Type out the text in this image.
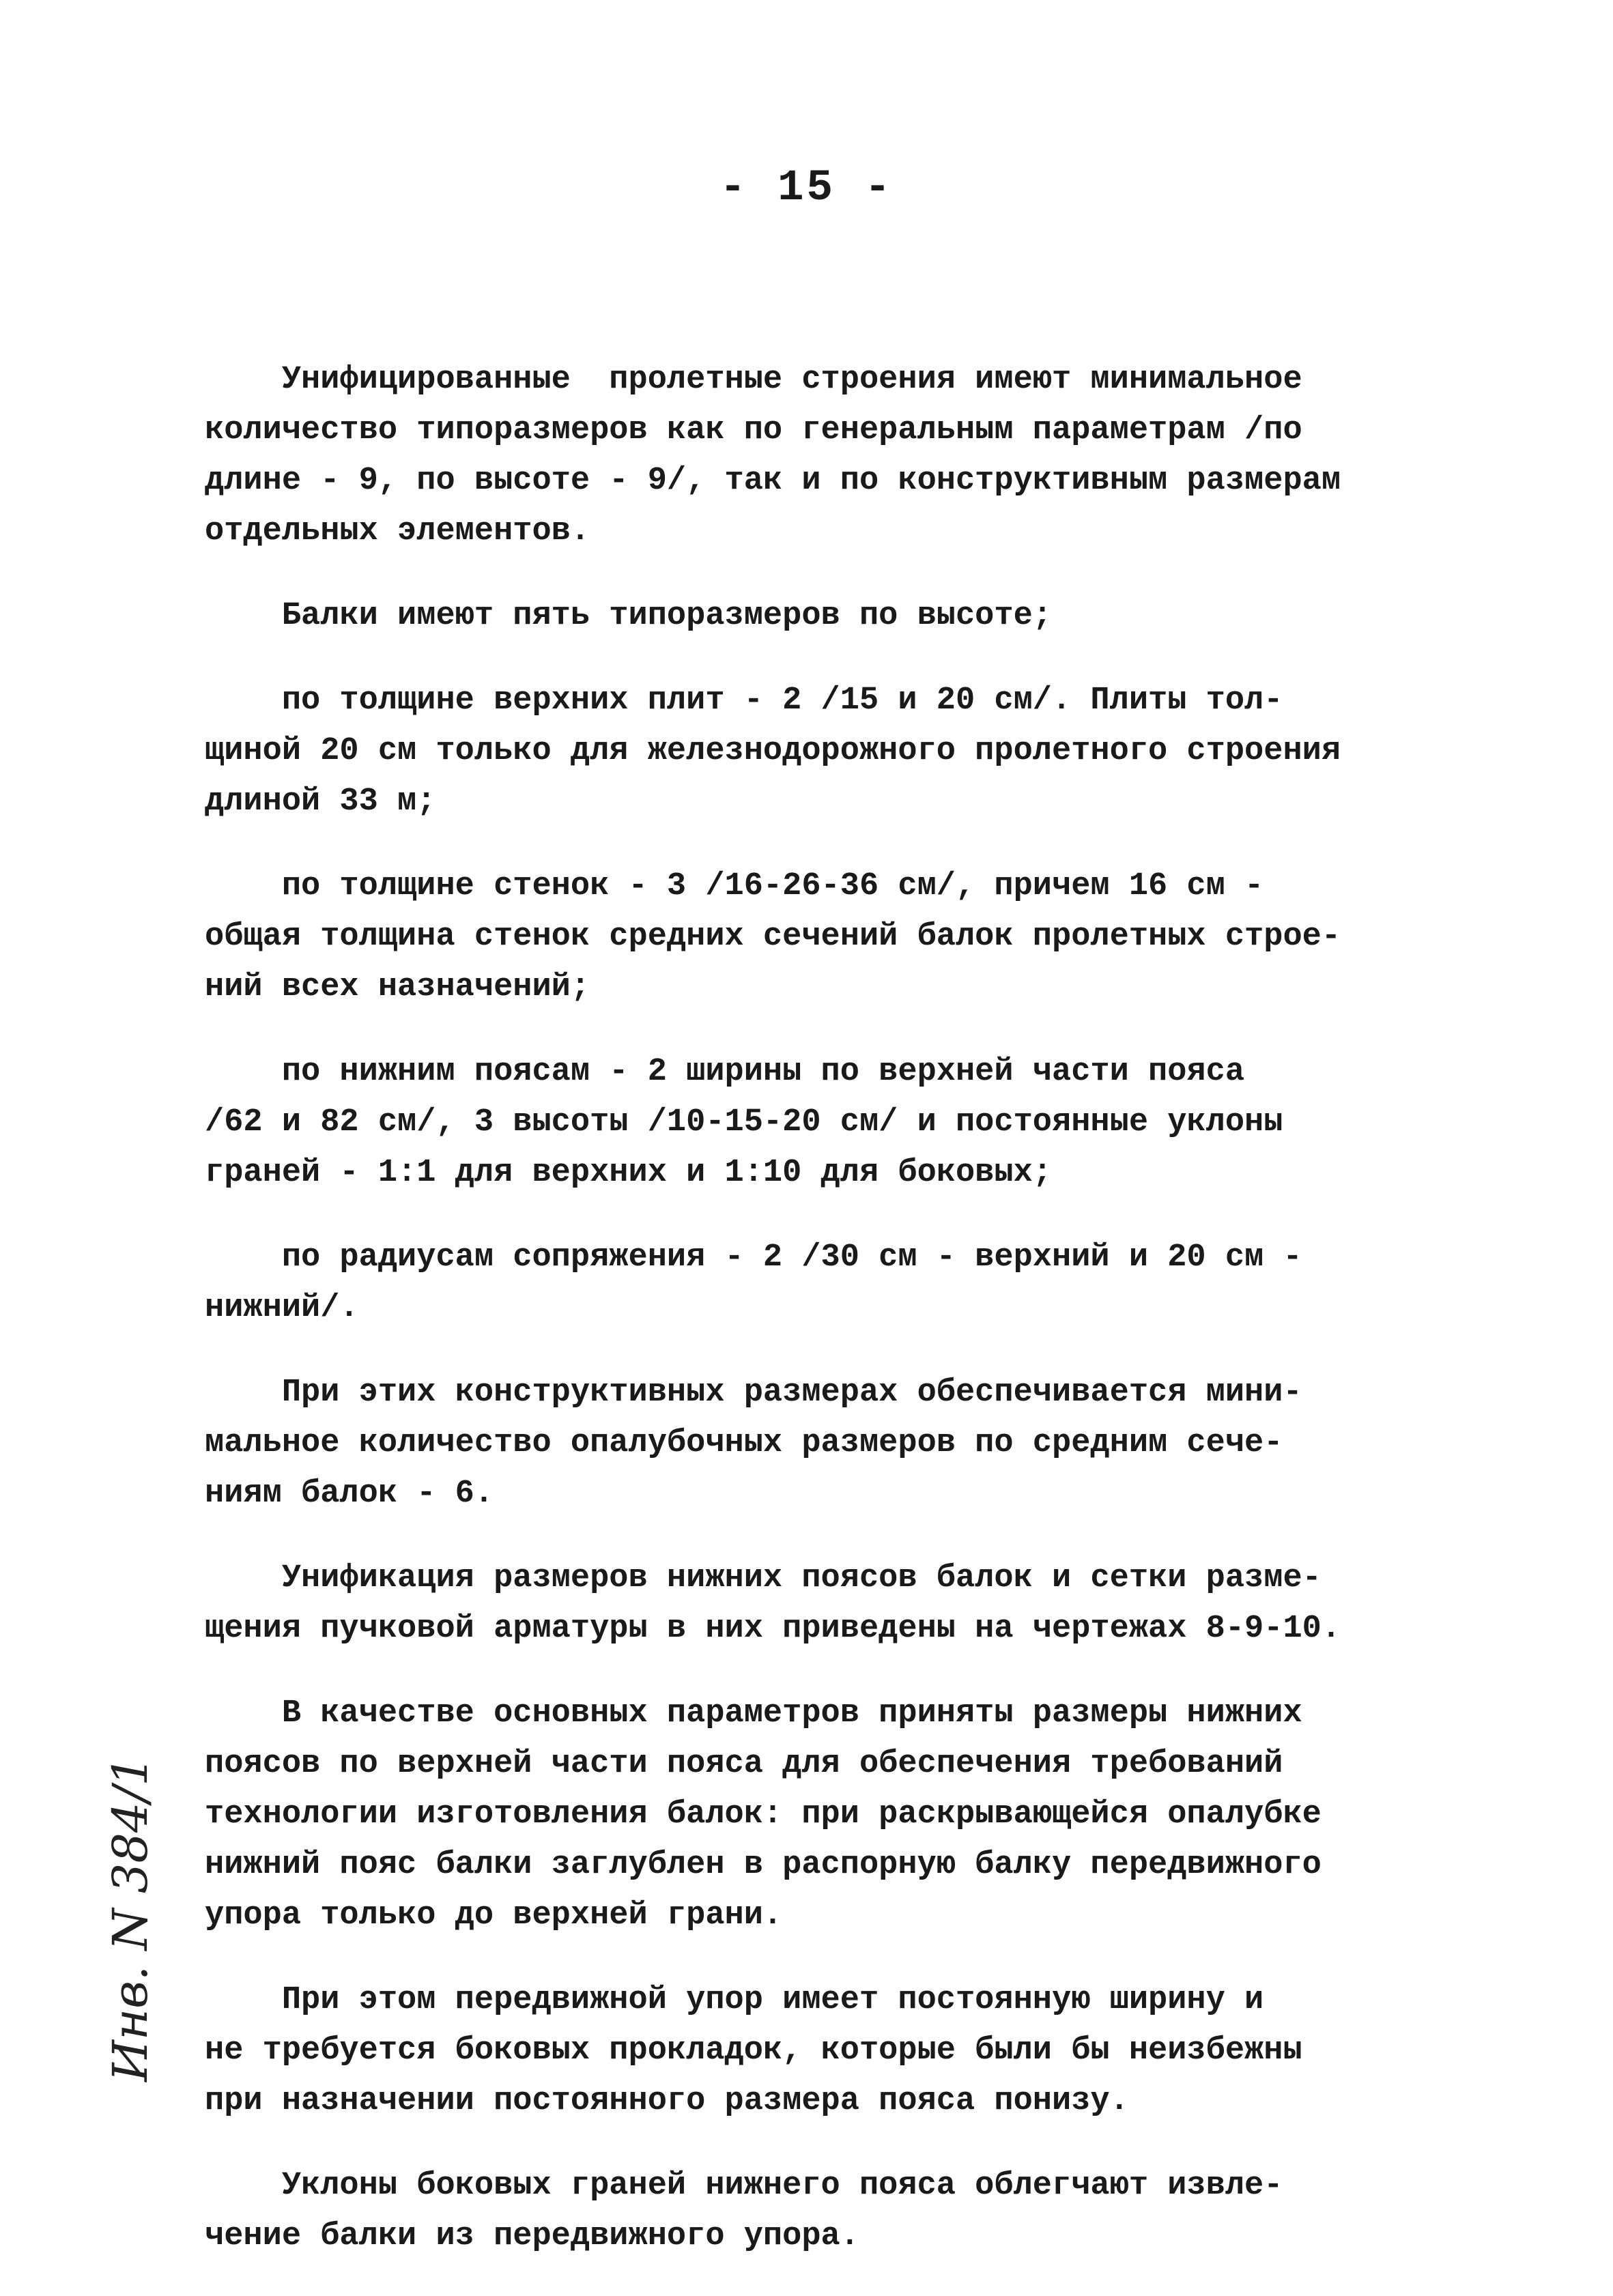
- 15 -

Унифицированные  пролетные строения имеют минимальное
количество типоразмеров как по генеральным параметрам /по
длине - 9, по высоте - 9/, так и по конструктивным размерам
отдельных элементов.

Балки имеют пять типоразмеров по высоте;

по толщине верхних плит - 2 /15 и 20 см/. Плиты тол-
щиной 20 см только для железнодорожного пролетного строения
длиной 33 м;

по толщине стенок - 3 /16-26-36 см/, причем 16 см -
общая толщина стенок средних сечений балок пролетных строе-
ний всех назначений;

по нижним поясам - 2 ширины по верхней части пояса
/62 и 82 см/, 3 высоты /10-15-20 см/ и постоянные уклоны
граней - 1:1 для верхних и 1:10 для боковых;

по радиусам сопряжения - 2 /30 см - верхний и 20 см -
нижний/.

При этих конструктивных размерах обеспечивается мини-
мальное количество опалубочных размеров по средним сече-
ниям балок - 6.

Унификация размеров нижних поясов балок и сетки разме-
щения пучковой арматуры в них приведены на чертежах 8-9-10.

В качестве основных параметров приняты размеры нижних
поясов по верхней части пояса для обеспечения требований
технологии изготовления балок: при раскрывающейся опалубке
нижний пояс балки заглублен в распорную балку передвижного
упора только до верхней грани.

При этом передвижной упор имеет постоянную ширину и
не требуется боковых прокладок, которые были бы неизбежны
при назначении постоянного размера пояса понизу.

Уклоны боковых граней нижнего пояса облегчают извле-
чение балки из передвижного упора.

Инв. N 384/1
